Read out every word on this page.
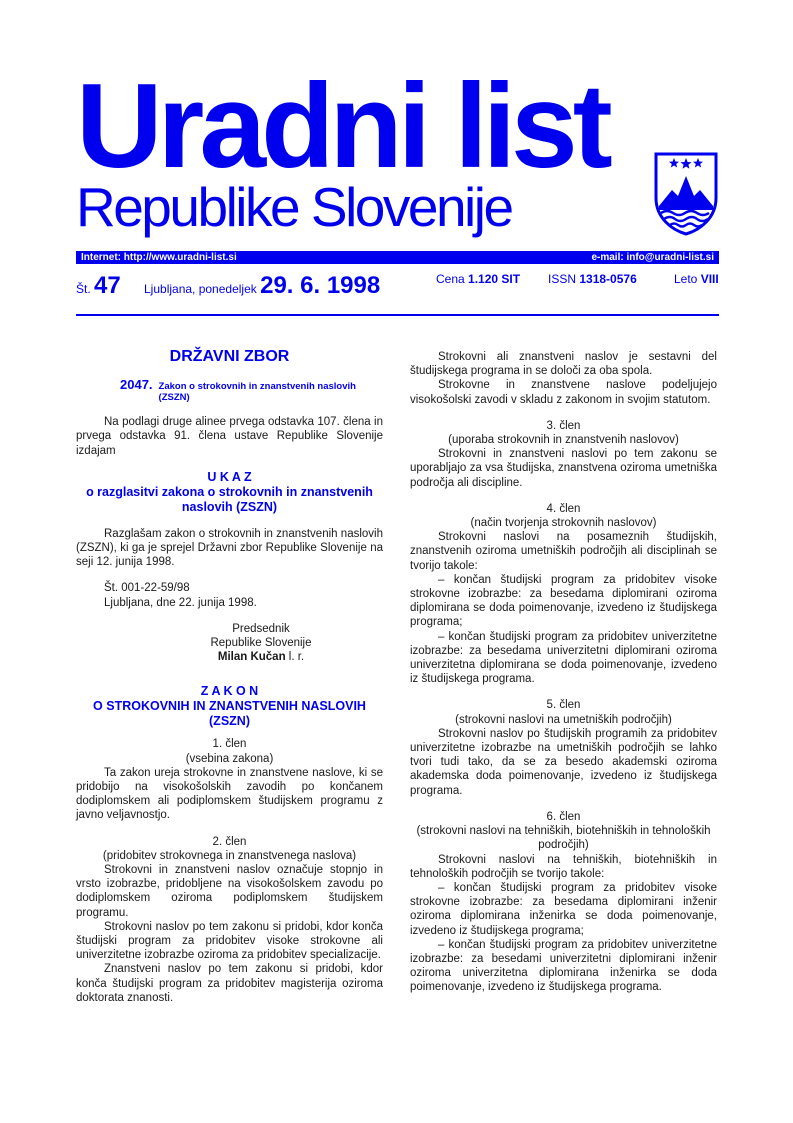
Uradni list
Republike Slovenije
Internet: http://www.uradni-list.si	e-mail: info@uradni-list.si
Št. 47 Ljubljana, ponedeljek 29. 6. 1998	Cena 1.120 SIT ISSN 1318-0576	Leto VIII

DRŽAVNI ZBOR

2047. Zakon o strokovnih in znanstvenih naslovih (ZSZN)

Na podlagi druge alinee prvega odstavka 107. člena in prvega odstavka 91. člena ustave Republike Slovenije izdajam

U K A Z

o razglasitvi zakona o strokovnih in znanstvenih naslovih (ZSZN)

Razglašam zakon o strokovnih in znanstvenih naslovih (ZSZN), ki ga je sprejel Državni zbor Republike Slovenije na seji 12. junija 1998.

Št. 001-22-59/98

Ljubljana, dne 22. junija 1998.

Predsednik
Republike Slovenije
Milan Kučan l. r.

Z A K O N

O STROKOVNIH IN ZNANSTVENIH NASLOVIH (ZSZN)

1. člen

(vsebina zakona)

Ta zakon ureja strokovne in znanstvene naslove, ki se pridobijo na visokošolskih zavodih po končanem dodiplomskem ali podiplomskem študijskem programu z javno veljavnostjo.

2. člen

(pridobitev strokovnega in znanstvenega naslova)

Strokovni in znanstveni naslov označuje stopnjo in vrsto izobrazbe, pridobljene na visokošolskem zavodu po dodiplomskem oziroma podiplomskem študijskem programu.

Strokovni naslov po tem zakonu si pridobi, kdor konča študijski program za pridobitev visoke strokovne ali univerzitetne izobrazbe oziroma za pridobitev specializacije.

Znanstveni naslov po tem zakonu si pridobi, kdor konča študijski program za pridobitev magisterija oziroma doktorata znanosti.

Strokovni ali znanstveni naslov je sestavni del študijskega programa in se določi za oba spola.

Strokovne in znanstvene naslove podeljujejo visokošolski zavodi v skladu z zakonom in svojim statutom.

3. člen

(uporaba strokovnih in znanstvenih naslovov)

Strokovni in znanstveni naslovi po tem zakonu se uporabljajo za vsa študijska, znanstvena oziroma umetniška področja ali discipline.

4. člen

(način tvorjenja strokovnih naslovov)

Strokovni naslovi na posameznih študijskih, znanstvenih oziroma umetniških področjih ali disciplinah se tvorijo takole:

– končan študijski program za pridobitev visoke strokovne izobrazbe: za besedama diplomirani oziroma diplomirana se doda poimenovanje, izvedeno iz študijskega programa;

– končan študijski program za pridobitev univerzitetne izobrazbe: za besedama univerzitetni diplomirani oziroma univerzitetna diplomirana se doda poimenovanje, izvedeno iz študijskega programa.

5. člen

(strokovni naslovi na umetniških področjih)

Strokovni naslov po študijskih programih za pridobitev univerzitetne izobrazbe na umetniških področjih se lahko tvori tudi tako, da se za besedo akademski oziroma akademska doda poimenovanje, izvedeno iz študijskega programa.

6. člen

(strokovni naslovi na tehniških, biotehniških in tehnoloških področjih)

Strokovni naslovi na tehniških, biotehniških in tehnoloških področjih se tvorijo takole:

– končan študijski program za pridobitev visoke strokovne izobrazbe: za besedama diplomirani inženir oziroma diplomirana inženirka se doda poimenovanje, izvedeno iz študijskega programa;

– končan študijski program za pridobitev univerzitetne izobrazbe: za besedami univerzitetni diplomirani inženir oziroma univerzitetna diplomirana inženirka se doda poimenovanje, izvedeno iz študijskega programa.
